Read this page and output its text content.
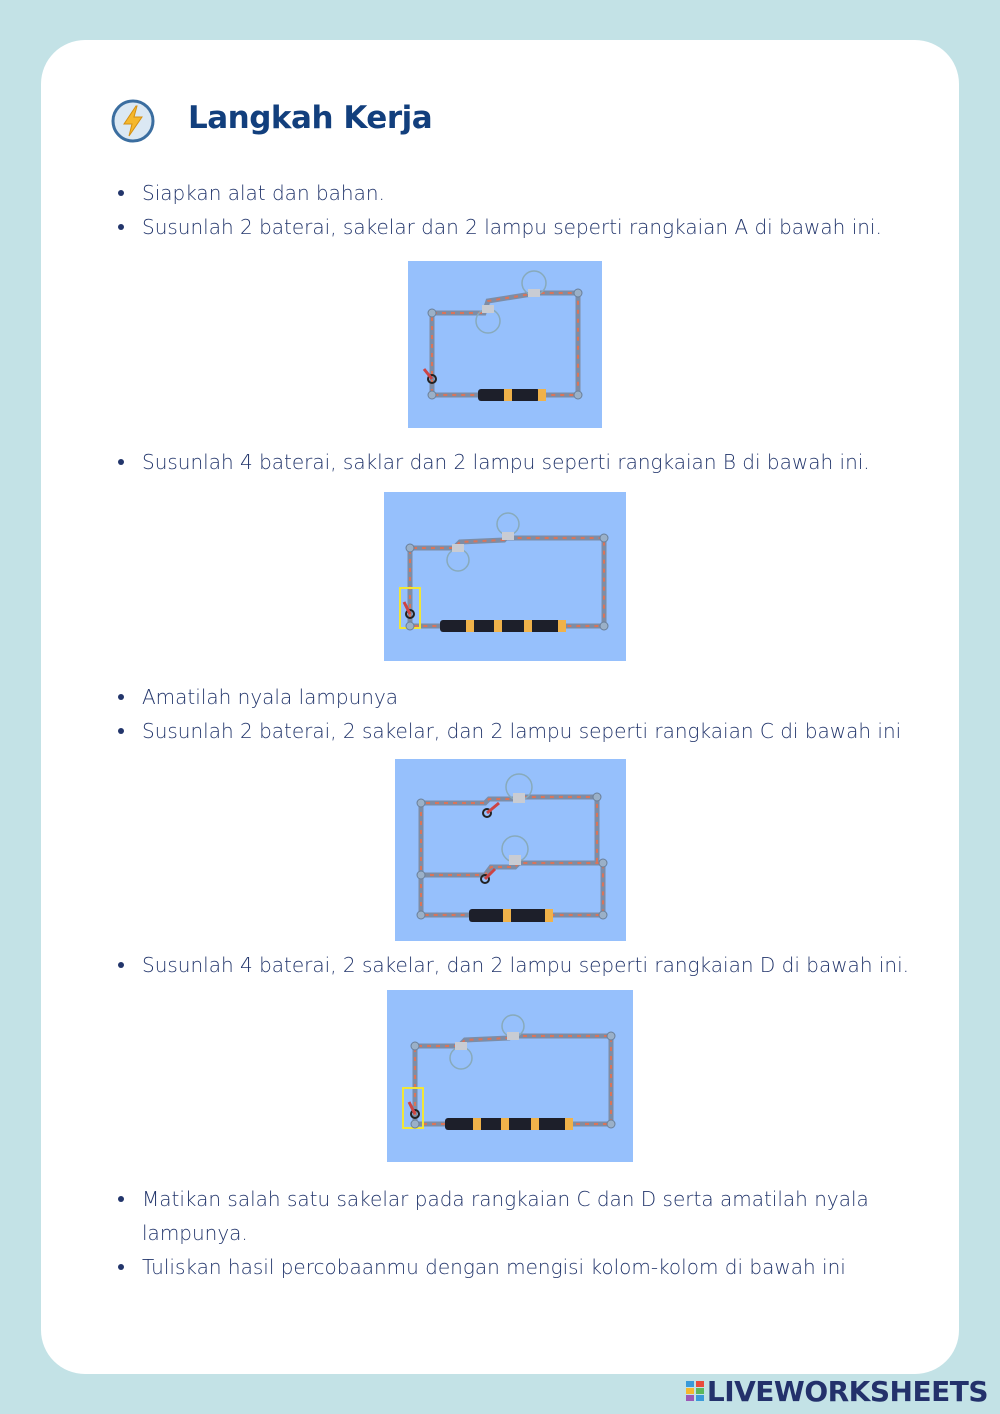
Langkah Kerja
Siapkan alat dan bahan.
Susunlah 2 baterai, sakelar dan 2 lampu seperti rangkaian A di bawah ini.
Susunlah 4 baterai, saklar dan 2 lampu seperti rangkaian B di bawah ini.
Amatilah nyala lampunya
Susunlah 2 baterai, 2 sakelar, dan 2 lampu seperti rangkaian C di bawah ini
Susunlah 4 baterai, 2 sakelar, dan 2 lampu seperti rangkaian D di bawah ini.
Matikan salah satu sakelar pada rangkaian C dan D serta amatilah nyala lampunya.
Tuliskan hasil percobaanmu dengan mengisi kolom-kolom di bawah ini
LIVEWORKSHEETS
